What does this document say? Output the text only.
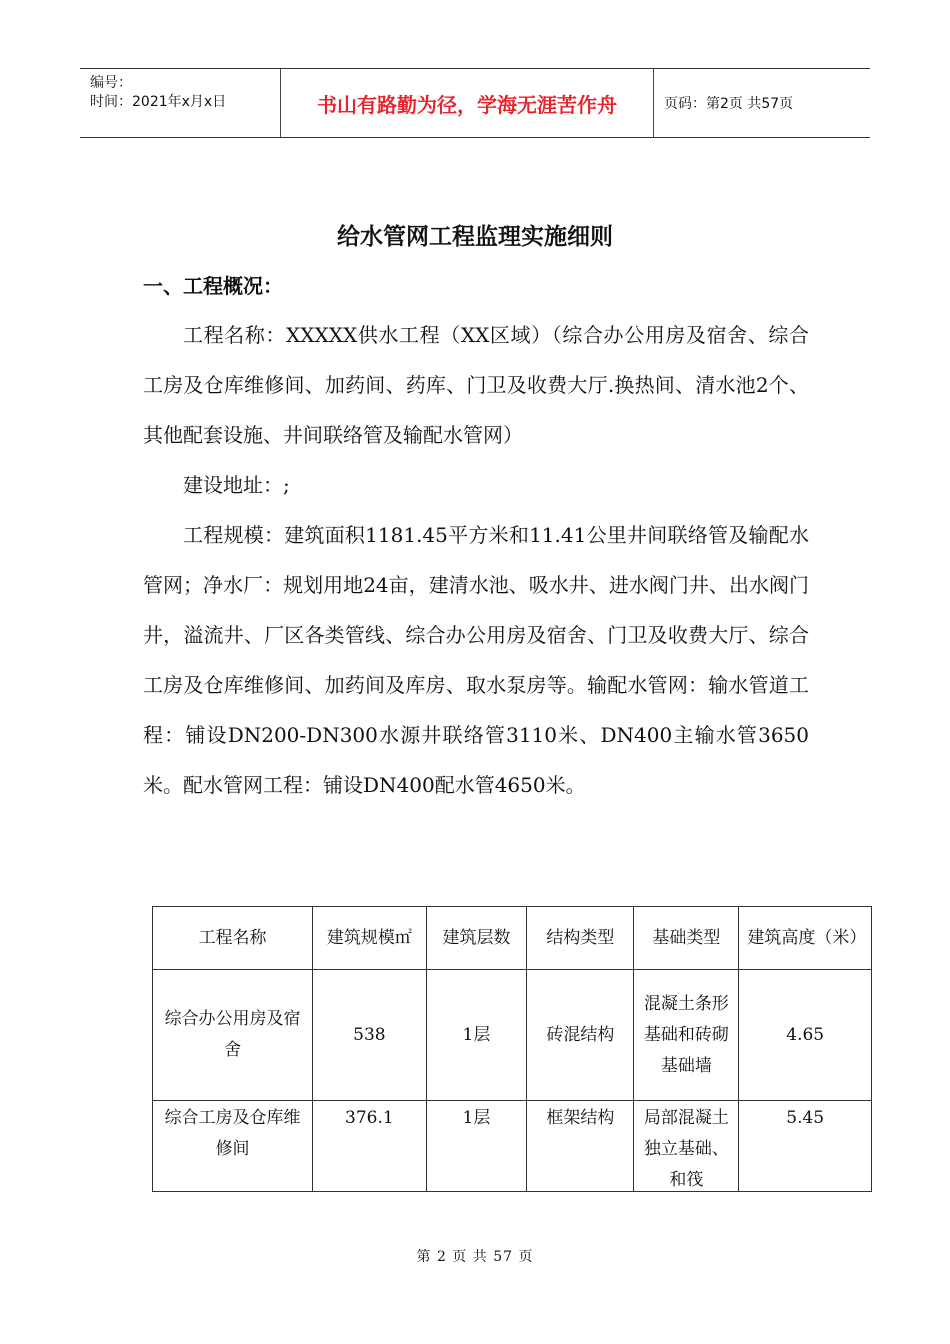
编号：
时间：2021年x月x日	书山有路勤为径，学海无涯苦作舟	页码：第2页 共57页
给水管网工程监理实施细则
一、工程概况：

工程名称：XXXXX供水工程（XX区域）（综合办公用房及宿舍、综合工房及仓库维修间、加药间、药库、门卫及收费大厅.换热间、清水池2个、其他配套设施、井间联络管及输配水管网）

建设地址：;

工程规模：建筑面积1181.45平方米和11.41公里井间联络管及输配水管网；净水厂：规划用地24亩，建清水池、吸水井、进水阀门井、出水阀门井，溢流井、厂区各类管线、综合办公用房及宿舍、门卫及收费大厅、综合工房及仓库维修间、加药间及库房、取水泵房等。输配水管网：输水管道工程：铺设DN200-DN300水源井联络管3110米、DN400主输水管3650米。配水管网工程：铺设DN400配水管4650米。

工程名称	建筑规模㎡	建筑层数	结构类型	基础类型	建筑高度（米）
综合办公用房及宿舍	538	1层	砖混结构	混凝土条形基础和砖砌基础墙	4.65
综合工房及仓库维修间	376.1	1层	框架结构	局部混凝土独立基础、和筏	5.45
第 2 页 共 57 页
